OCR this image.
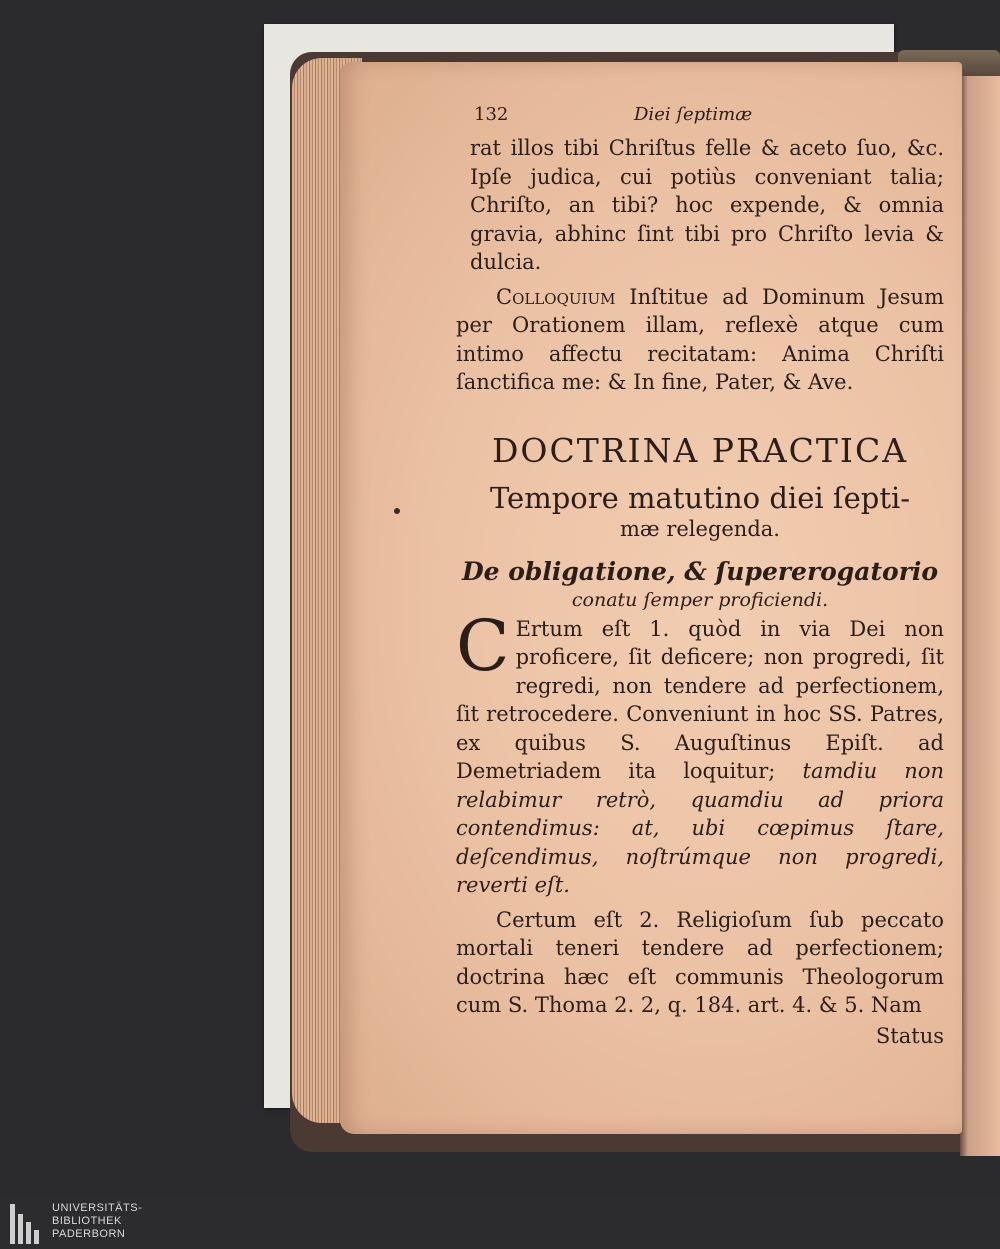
132	Diei ſeptimæ

rat illos tibi Chriſtus felle & aceto ſuo, &c. Ipſe judica, cui potiùs conveniant talia; Chriſto, an tibi? hoc expende, & omnia gravia, abhinc ſint tibi pro Chriſto levia & dulcia.

Colloquium Inſtitue ad Dominum Jesum per Orationem illam, reflexè atque cum intimo affectu recitatam: Anima Chriſti ſanctifica me: & In fine, Pater, & Ave.

DOCTRINA PRACTICA
Tempore matutino diei ſepti-
mæ relegenda.
De obligatione, & ſupererogatorio
conatu ſemper proficiendi.

C Ertum eſt 1. quòd in via Dei non proficere, ſit deficere; non progredi, ſit regredi, non tendere ad perfectionem, ſit retrocedere. Conveniunt in hoc SS. Patres, ex quibus S. Auguſtinus Epiſt. ad Demetriadem ita loquitur; tamdiu non relabimur retrò, quamdiu ad priora contendimus: at, ubi cœpimus ſtare, deſcendimus, noſtrúmque non progredi, reverti eſt.

Certum eſt 2. Religioſum ſub peccato mortali teneri tendere ad perfectionem; doctrina hæc eſt communis Theologorum cum S. Thoma 2. 2, q. 184. art. 4. & 5. Nam

Status
UNIVERSITÄTS-
BIBLIOTHEK
PADERBORN
